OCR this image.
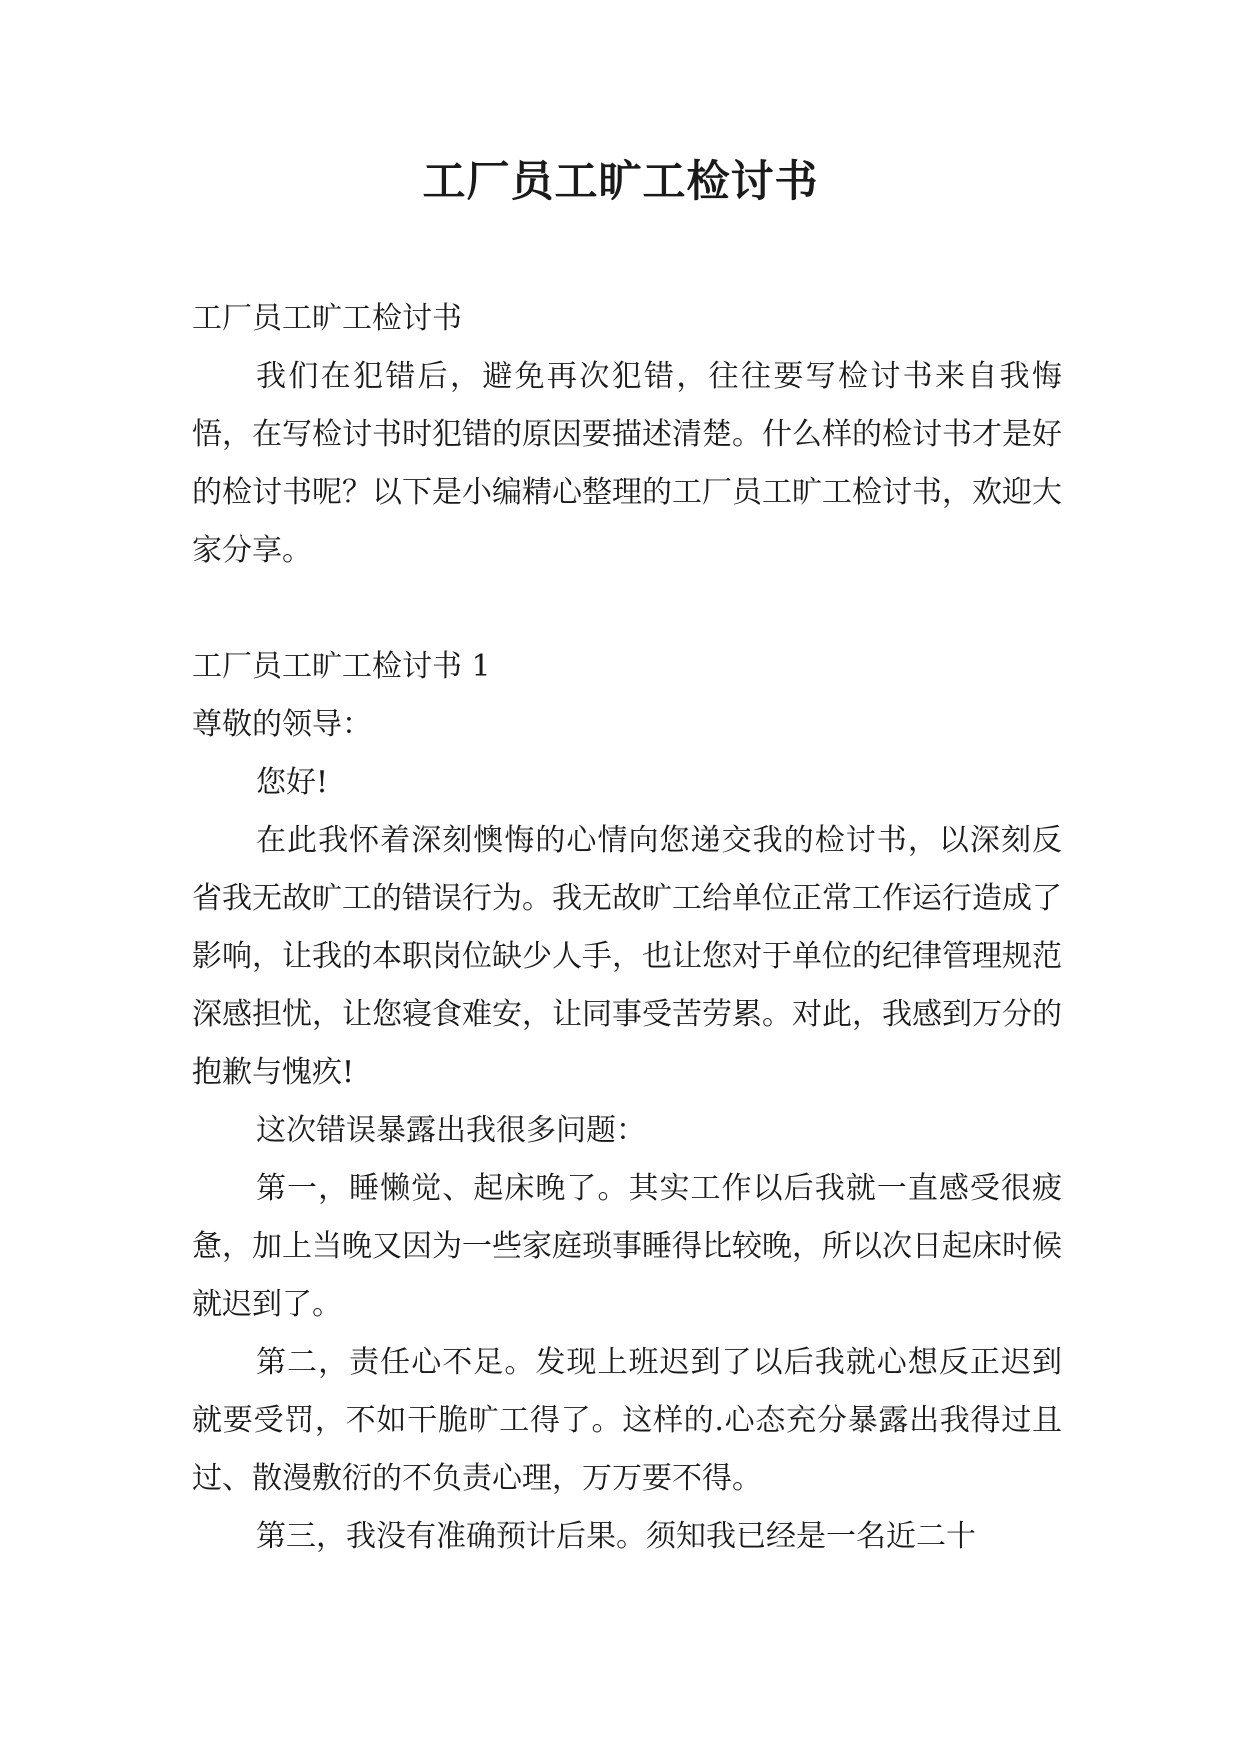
工厂员工旷工检讨书

工厂员工旷工检讨书

我们在犯错后，避免再次犯错，往往要写检讨书来自我悔悟，在写检讨书时犯错的原因要描述清楚。什么样的检讨书才是好的检讨书呢？以下是小编精心整理的工厂员工旷工检讨书，欢迎大家分享。

工厂员工旷工检讨书 1

尊敬的领导：

您好!

在此我怀着深刻懊悔的心情向您递交我的检讨书，以深刻反省我无故旷工的错误行为。我无故旷工给单位正常工作运行造成了影响，让我的本职岗位缺少人手，也让您对于单位的纪律管理规范深感担忧，让您寝食难安，让同事受苦劳累。对此，我感到万分的抱歉与愧疚!

这次错误暴露出我很多问题：

第一，睡懒觉、起床晚了。其实工作以后我就一直感受很疲惫，加上当晚又因为一些家庭琐事睡得比较晚，所以次日起床时候就迟到了。

第二，责任心不足。发现上班迟到了以后我就心想反正迟到就要受罚，不如干脆旷工得了。这样的.心态充分暴露出我得过且过、散漫敷衍的不负责心理，万万要不得。

第三，我没有准确预计后果。须知我已经是一名近二十
